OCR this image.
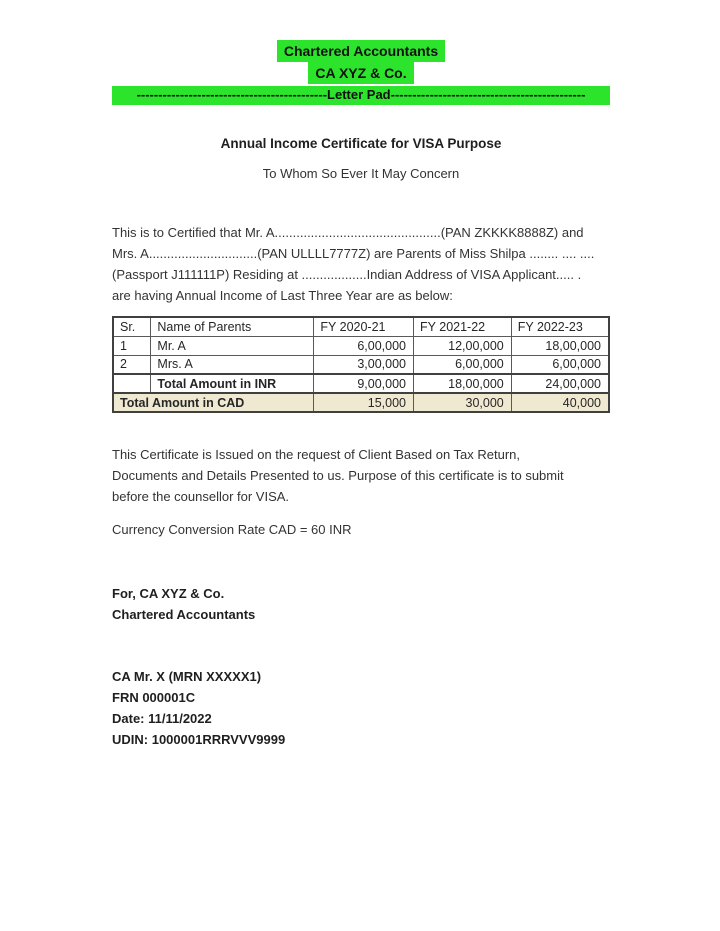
Chartered Accountants
CA XYZ & Co.
--------------------------------------------Letter Pad---------------------------------------------
Annual Income Certificate for VISA Purpose
To Whom So Ever It May Concern
This is to Certified that Mr. A..............................................(PAN ZKKKK8888Z) and
Mrs. A..............................(PAN ULLLL7777Z) are Parents of Miss Shilpa ........ .... ....
(Passport J111111P) Residing at ..................Indian Address of VISA Applicant..... .
are having Annual Income of Last Three Year are as below:
Sr.	Name of Parents	FY 2020-21	FY 2021-22	FY 2022-23
1	Mr. A	6,00,000	12,00,000	18,00,000
2	Mrs. A	3,00,000	6,00,000	6,00,000
	Total Amount in INR	9,00,000	18,00,000	24,00,000
Total Amount in CAD		15,000	30,000	40,000
This Certificate is Issued on the request of Client Based on Tax Return,
Documents and Details Presented to us. Purpose of this certificate is to submit
before the counsellor for VISA.
Currency Conversion Rate CAD = 60 INR
For, CA XYZ & Co.
Chartered Accountants
CA Mr. X (MRN XXXXX1)
FRN 000001C
Date: 11/11/2022
UDIN: 1000001RRRVVV9999
